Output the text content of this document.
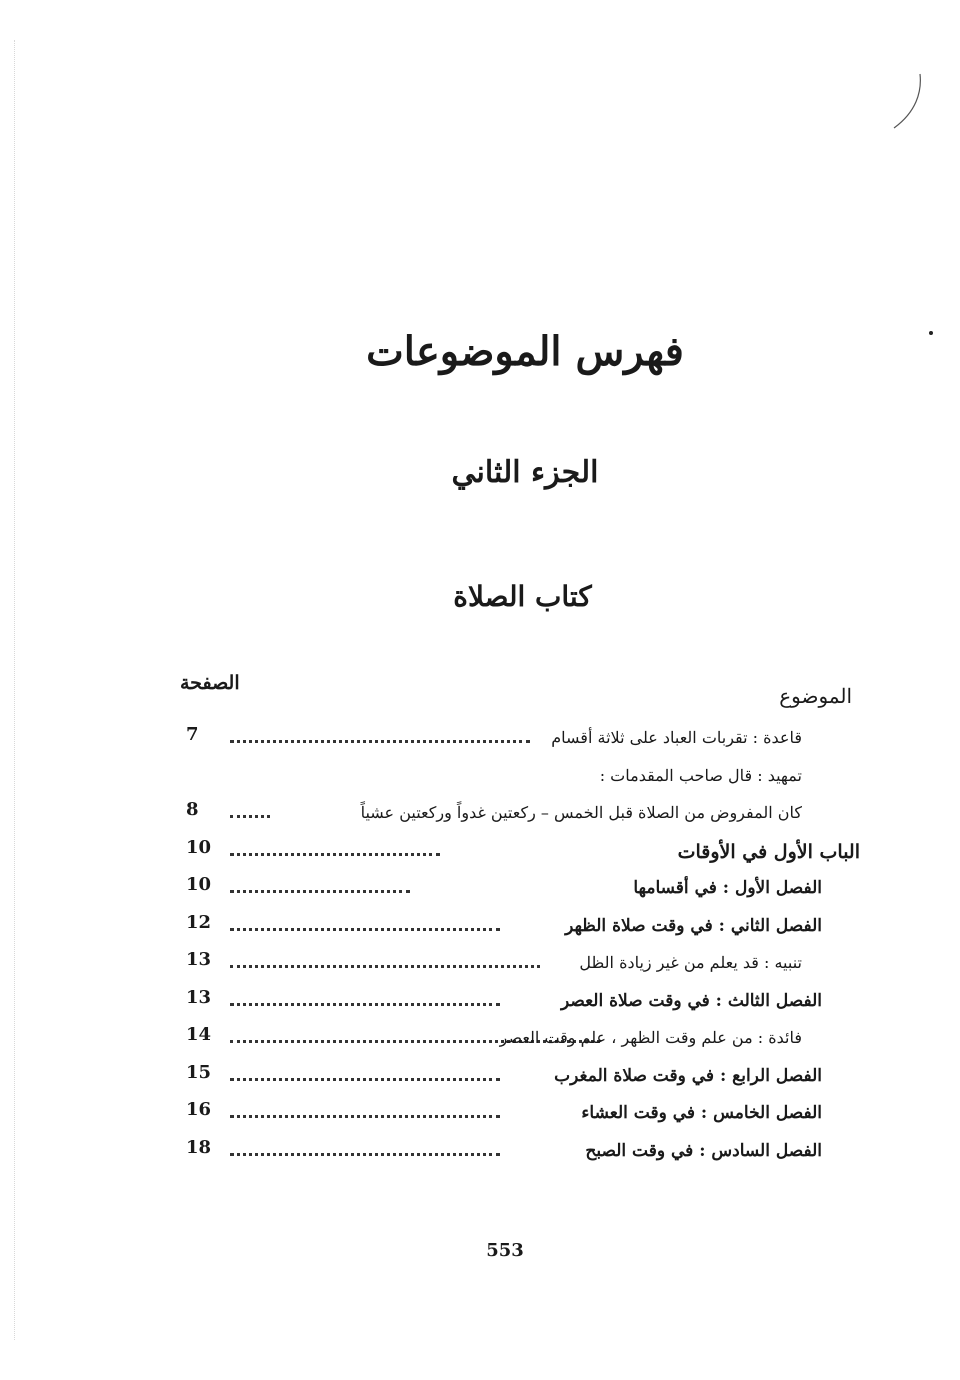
فهرس الموضوعات
الجزء الثاني
كتاب الصلاة
الصفحة
الموضوع
7	قاعدة : تقربات العباد على ثلاثة أقسام
تمهيد : قال صاحب المقدمات :
8	كان المفروض من الصلاة قبل الخمس – ركعتين غدواً وركعتين عشياً
10	الباب الأول في الأوقات
10	الفصل الأول : في أقسامها
12	الفصل الثاني : في وقت صلاة الظهر
13	تنبيه : قد يعلم من غير زيادة الظل
13	الفصل الثالث : في وقت صلاة العصر
14	فائدة : من علم وقت الظهر ، علم وقت العصر
15	الفصل الرابع : في وقت صلاة المغرب
16	الفصل الخامس : في وقت العشاء
18	الفصل السادس : في وقت الصبح
553
